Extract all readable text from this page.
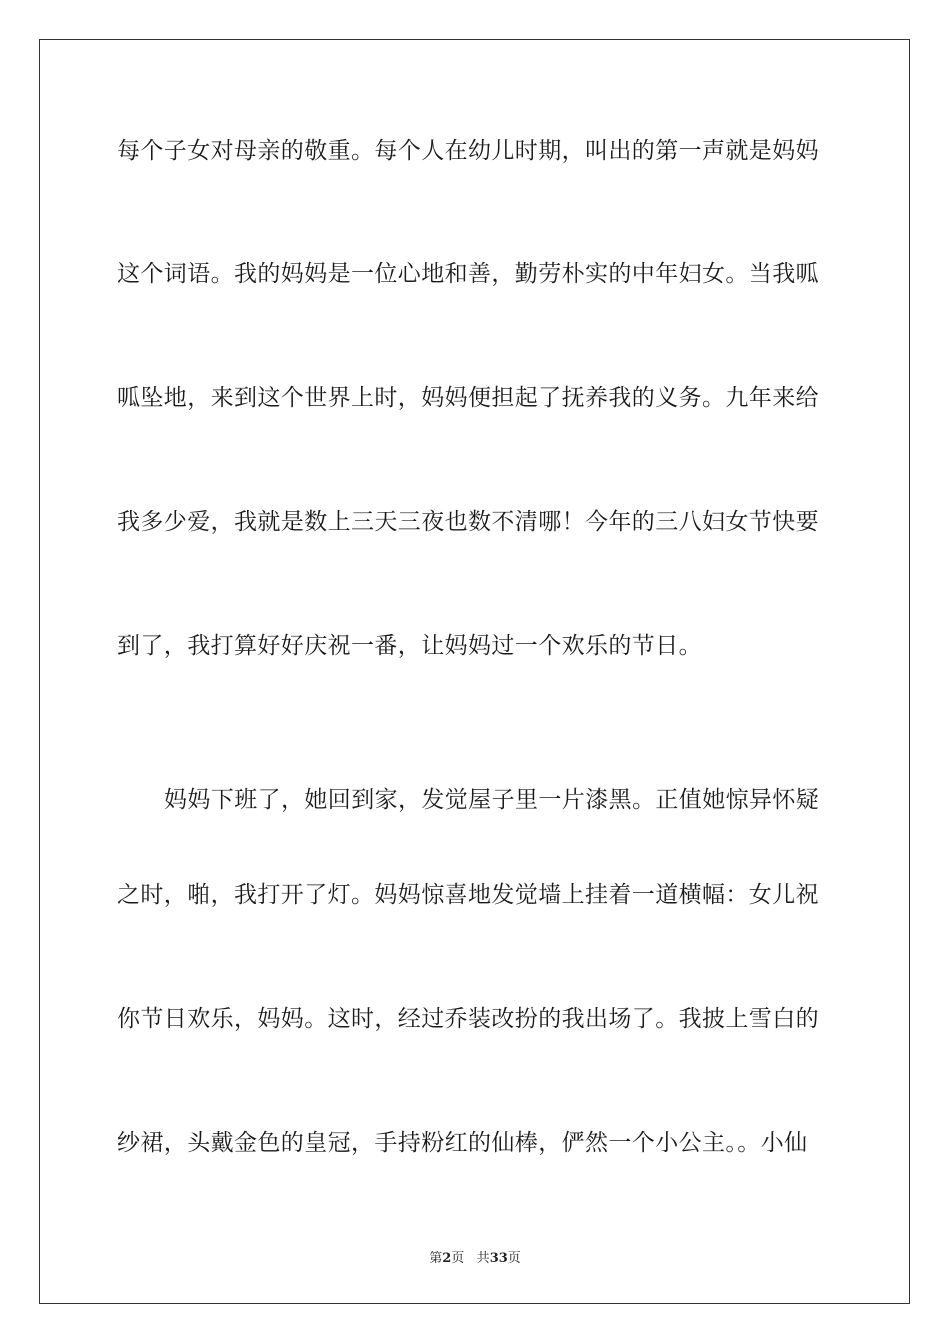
每个子女对母亲的敬重。每个人在幼儿时期，叫出的第一声就是妈妈
这个词语。我的妈妈是一位心地和善，勤劳朴实的中年妇女。当我呱
呱坠地，来到这个世界上时，妈妈便担起了抚养我的义务。九年来给
我多少爱，我就是数上三天三夜也数不清哪！今年的三八妇女节快要
到了，我打算好好庆祝一番，让妈妈过一个欢乐的节日。
妈妈下班了，她回到家，发觉屋子里一片漆黑。正值她惊异怀疑
之时，啪，我打开了灯。妈妈惊喜地发觉墙上挂着一道横幅：女儿祝
你节日欢乐，妈妈。这时，经过乔装改扮的我出场了。我披上雪白的
纱裙，头戴金色的皇冠，手持粉红的仙棒，俨然一个小公主。。小仙
第2页 共33页
